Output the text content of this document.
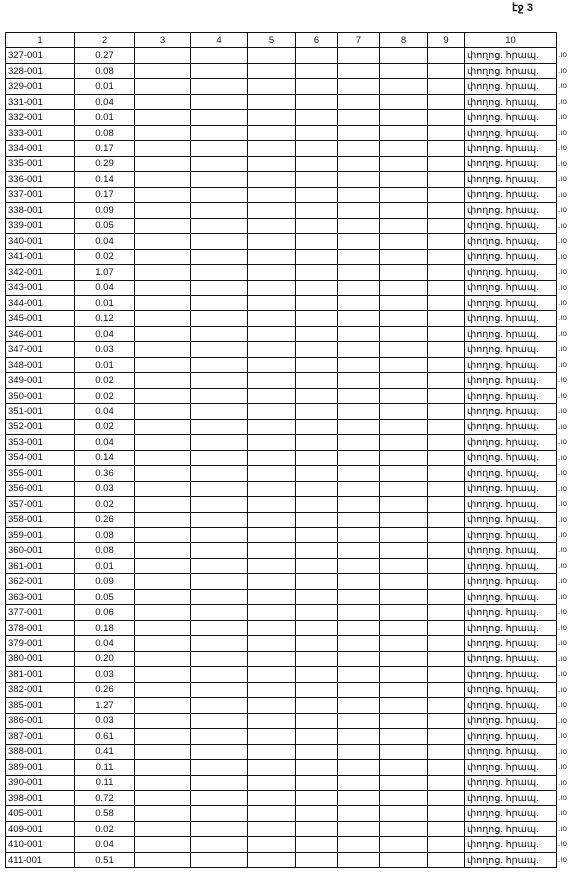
էջ 3
1	2	3	4	5	6	7	8	9	10
327-001	0.27								փողոց. հրապ.
328-001	0.08								փողոց. հրապ.
329-001	0.01								փողոց. հրապ.
331-001	0.04								փողոց. հրապ.
332-001	0.01								փողոց. հրապ.
333-001	0.08								փողոց. հրապ.
334-001	0.17								փողոց. հրապ.
335-001	0.29								փողոց. հրապ.
336-001	0.14								փողոց. հրապ.
337-001	0.17								փողոց. հրապ.
338-001	0.09								փողոց. հրապ.
339-001	0.05								փողոց. հրապ.
340-001	0.04								փողոց. հրապ.
341-001	0.02								փողոց. հրապ.
342-001	1.07								փողոց. հրապ.
343-001	0.04								փողոց. հրապ.
344-001	0.01								փողոց. հրապ.
345-001	0.12								փողոց. հրապ.
346-001	0.04								փողոց. հրապ.
347-001	0.03								փողոց. հրապ.
348-001	0.01								փողոց. հրապ.
349-001	0.02								փողոց. հրապ.
350-001	0.02								փողոց. հրապ.
351-001	0.04								փողոց. հրապ.
352-001	0.02								փողոց. հրապ.
353-001	0.04								փողոց. հրապ.
354-001	0.14								փողոց. հրապ.
355-001	0.36								փողոց. հրապ.
356-001	0.03								փողոց. հրապ.
357-001	0.02								փողոց. հրապ.
358-001	0.26								փողոց. հրապ.
359-001	0.08								փողոց. հրապ.
360-001	0.08								փողոց. հրապ.
361-001	0.01								փողոց. հրապ.
362-001	0.09								փողոց. հրապ.
363-001	0.05								փողոց. հրապ.
377-001	0.06								փողոց. հրապ.
378-001	0.18								փողոց. հրապ.
379-001	0.04								փողոց. հրապ.
380-001	0.20								փողոց. հրապ.
381-001	0.03								փողոց. հրապ.
382-001	0.26								փողոց. հրապ.
385-001	1.27								փողոց. հրապ.
386-001	0.03								փողոց. հրապ.
387-001	0.61								փողոց. հրապ.
388-001	0.41								փողոց. հրապ.
389-001	0.11								փողոց. հրապ.
390-001	0.11								փողոց. հրապ.
398-001	0.72								փողոց. հրապ.
405-001	0.58								փողոց. հրապ.
409-001	0.02								փողոց. հրապ.
410-001	0.04								փողոց. հրապ.
411-001	0.51								փողոց. հրապ.
.ıo
.ıo
.ıo
.ıo
.ıo
.ıo
.ıo
.ıo
.ıo
.ıo
.ıo
.ıo
.ıo
.ıo
.ıo
.ıo
.ıo
.ıo
.ıo
.ıo
.ıo
.ıo
.ıo
.ıo
.ıo
.ıo
.ıo
.ıo
.ıo
.ıo
.ıo
.ıo
.ıo
.ıo
.ıo
.ıo
.ıo
.ıo
.ıo
.ıo
.ıo
.ıo
.ıo
.ıo
.ıo
.ıo
.ıo
.ıo
.ıo
.ıo
.ıo
.ıo
.ıo
